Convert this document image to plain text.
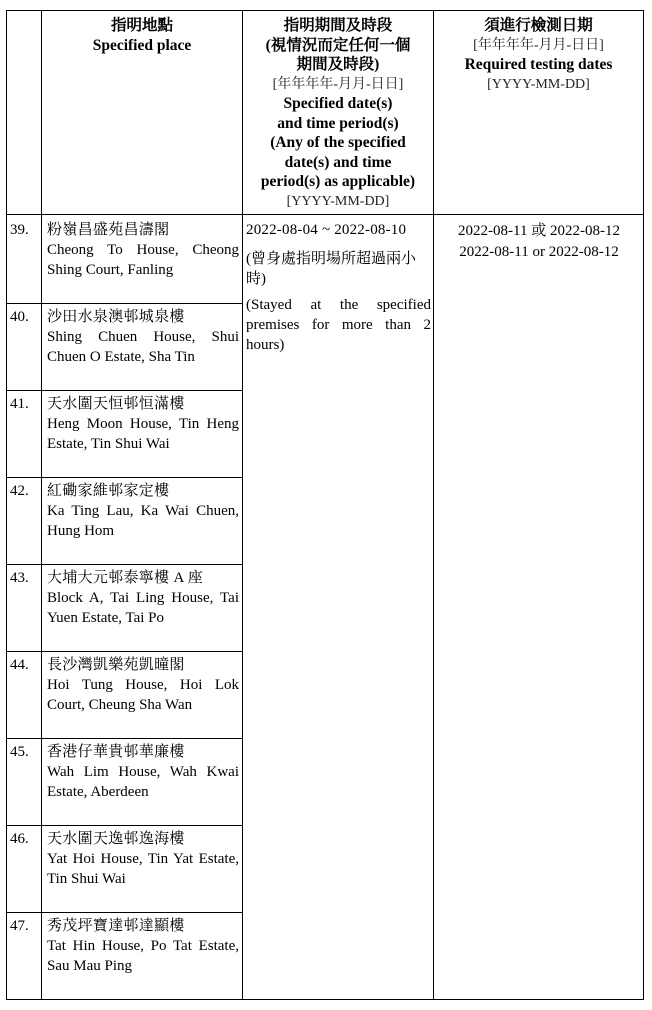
指明地點
Specified place
指明期間及時段
(視情況而定任何一個
期間及時段)
[年年年年-月月-日日]
Specified date(s)
and time period(s)
(Any of the specified
date(s) and time
period(s) as applicable)
[YYYY-MM-DD]
須進行檢測日期
[年年年年-月月-日日]
Required testing dates
[YYYY-MM-DD]
39. 粉嶺昌盛苑昌濤閣
Cheong To House, Cheong Shing Court, Fanling
40. 沙田水泉澳邨城泉樓
Shing Chuen House, Shui Chuen O Estate, Sha Tin
41. 天水圍天恒邨恒滿樓
Heng Moon House, Tin Heng Estate, Tin Shui Wai
42. 紅磡家維邨家定樓
Ka Ting Lau, Ka Wai Chuen, Hung Hom
43. 大埔大元邨泰寧樓 A 座
Block A, Tai Ling House, Tai Yuen Estate, Tai Po
44. 長沙灣凱樂苑凱曈閣
Hoi Tung House, Hoi Lok Court, Cheung Sha Wan
45. 香港仔華貴邨華廉樓
Wah Lim House, Wah Kwai Estate, Aberdeen
46. 天水圍天逸邨逸海樓
Yat Hoi House, Tin Yat Estate, Tin Shui Wai
47. 秀茂坪寶達邨達顯樓
Tat Hin House, Po Tat Estate, Sau Mau Ping
2022-08-04 ~ 2022-08-10
(曾身處指明場所超過兩小時)
(Stayed at the specified premises for more than 2 hours)
2022-08-11 或 2022-08-12
2022-08-11 or 2022-08-12
